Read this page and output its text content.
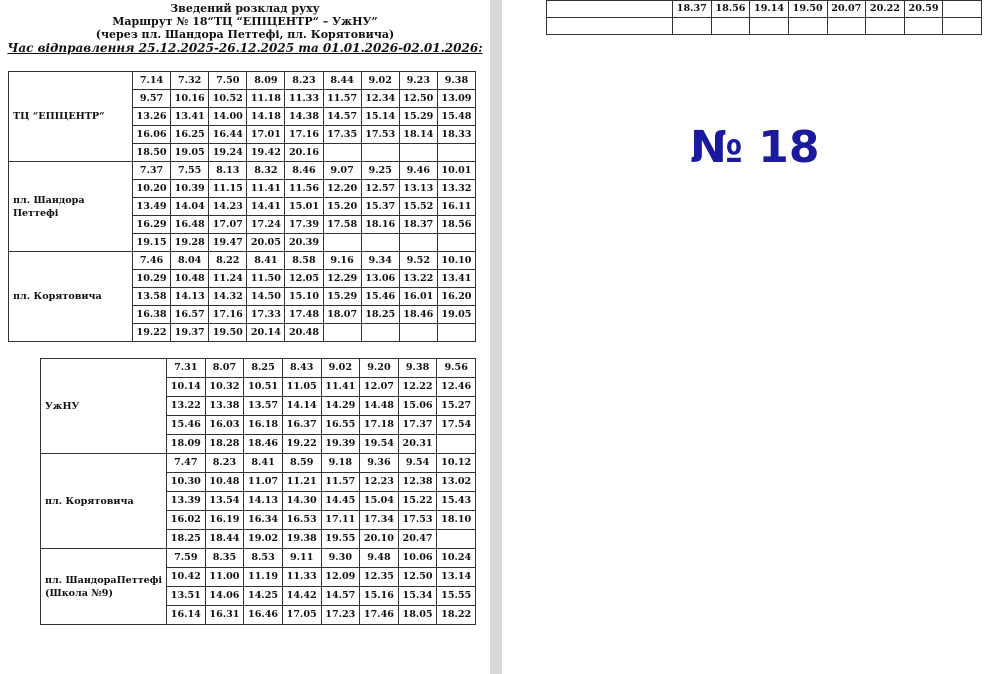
Зведений розклад руху
Маршрут № 18“ТЦ “ЕПІЦЕНТР“ – УжНУ”
(через пл. Шандора Петтефі, пл. Корятовича)
Час відправлення 25.12.2025-26.12.2025 та 01.01.2026-02.01.2026:
ТЦ “ЕПІЦЕНТР“	7.14	7.32	7.50	8.09	8.23	8.44	9.02	9.23	9.38
	9.57	10.16	10.52	11.18	11.33	11.57	12.34	12.50	13.09
	13.26	13.41	14.00	14.18	14.38	14.57	15.14	15.29	15.48
	16.06	16.25	16.44	17.01	17.16	17.35	17.53	18.14	18.33
	18.50	19.05	19.24	19.42	20.16				
пл. Шандора Петтефі	7.37	7.55	8.13	8.32	8.46	9.07	9.25	9.46	10.01
	10.20	10.39	11.15	11.41	11.56	12.20	12.57	13.13	13.32
	13.49	14.04	14.23	14.41	15.01	15.20	15.37	15.52	16.11
	16.29	16.48	17.07	17.24	17.39	17.58	18.16	18.37	18.56
	19.15	19.28	19.47	20.05	20.39				
пл. Корятовича	7.46	8.04	8.22	8.41	8.58	9.16	9.34	9.52	10.10
	10.29	10.48	11.24	11.50	12.05	12.29	13.06	13.22	13.41
	13.58	14.13	14.32	14.50	15.10	15.29	15.46	16.01	16.20
	16.38	16.57	17.16	17.33	17.48	18.07	18.25	18.46	19.05
	19.22	19.37	19.50	20.14	20.48				
УжНУ	7.31	8.07	8.25	8.43	9.02	9.20	9.38	9.56
	10.14	10.32	10.51	11.05	11.41	12.07	12.22	12.46
	13.22	13.38	13.57	14.14	14.29	14.48	15.06	15.27
	15.46	16.03	16.18	16.37	16.55	17.18	17.37	17.54
	18.09	18.28	18.46	19.22	19.39	19.54	20.31	
пл. Корятовича	7.47	8.23	8.41	8.59	9.18	9.36	9.54	10.12
	10.30	10.48	11.07	11.21	11.57	12.23	12.38	13.02
	13.39	13.54	14.13	14.30	14.45	15.04	15.22	15.43
	16.02	16.19	16.34	16.53	17.11	17.34	17.53	18.10
	18.25	18.44	19.02	19.38	19.55	20.10	20.47	
пл. ШандораПеттефі (Школа №9)	7.59	8.35	8.53	9.11	9.30	9.48	10.06	10.24
	10.42	11.00	11.19	11.33	12.09	12.35	12.50	13.14
	13.51	14.06	14.25	14.42	14.57	15.16	15.34	15.55
	16.14	16.31	16.46	17.05	17.23	17.46	18.05	18.22
	18.37	18.56	19.14	19.50	20.07	20.22	20.59	

№ 18
